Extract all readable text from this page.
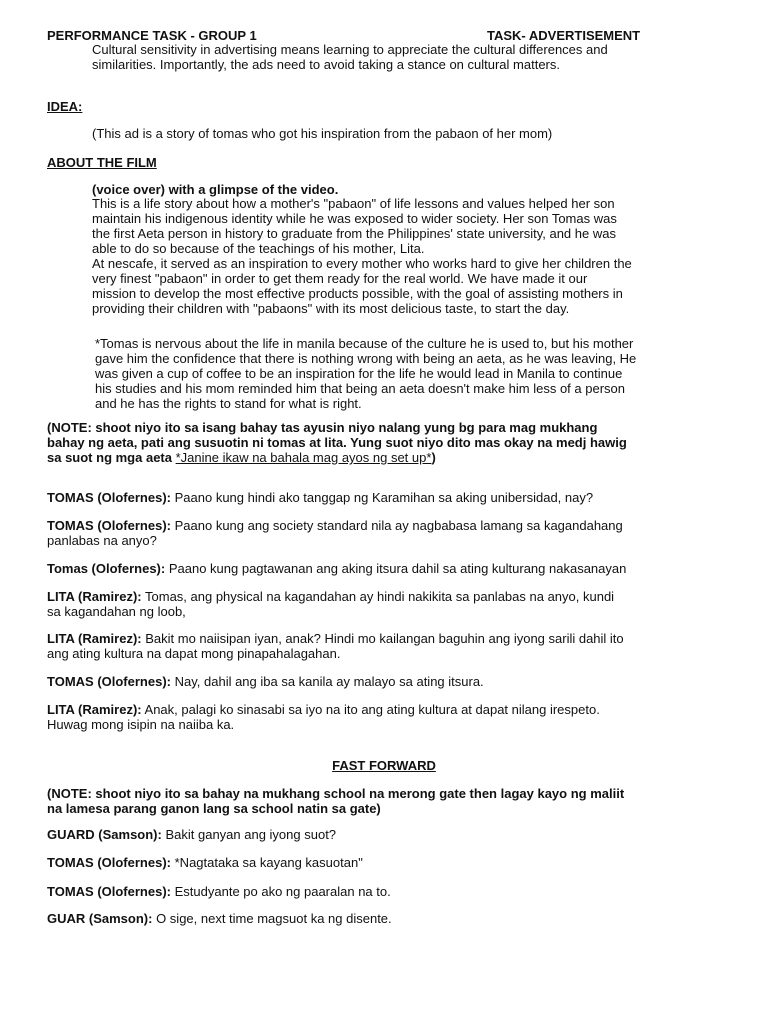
PERFORMANCE TASK - GROUP 1	TASK- ADVERTISEMENT
Cultural sensitivity in advertising means learning to appreciate the cultural differences and
similarities. Importantly, the ads need to avoid taking a stance on cultural matters.
IDEA:
(This ad is a story of tomas who got his inspiration from the pabaon of her mom)
ABOUT THE FILM
(voice over) with a glimpse of the video.
This is a life story about how a mother's "pabaon" of life lessons and values helped her son
maintain his indigenous identity while he was exposed to wider society. Her son Tomas was
the first Aeta person in history to graduate from the Philippines' state university, and he was
able to do so because of the teachings of his mother, Lita.
At nescafe, it served as an inspiration to every mother who works hard to give her children the
very finest "pabaon" in order to get them ready for the real world. We have made it our
mission to develop the most effective products possible, with the goal of assisting mothers in
providing their children with "pabaons" with its most delicious taste, to start the day.
*Tomas is nervous about the life in manila because of the culture he is used to, but his mother
gave him the confidence that there is nothing wrong with being an aeta, as he was leaving, He
was given a cup of coffee to be an inspiration for the life he would lead in Manila to continue
his studies and his mom reminded him that being an aeta doesn't make him less of a person
and he has the rights to stand for what is right.
(NOTE: shoot niyo ito sa isang bahay tas ayusin niyo nalang yung bg para mag mukhang
bahay ng aeta, pati ang susuotin ni tomas at lita. Yung suot niyo dito mas okay na medj hawig
sa suot ng mga aeta *Janine ikaw na bahala mag ayos ng set up*)
TOMAS (Olofernes): Paano kung hindi ako tanggap ng Karamihan sa aking unibersidad, nay?
TOMAS (Olofernes): Paano kung ang society standard nila ay nagbabasa lamang sa kagandahang
panlabas na anyo?
Tomas (Olofernes): Paano kung pagtawanan ang aking itsura dahil sa ating kulturang nakasanayan
LITA (Ramirez): Tomas, ang physical na kagandahan ay hindi nakikita sa panlabas na anyo, kundi
sa kagandahan ng loob,
LITA (Ramirez): Bakit mo naiisipan iyan, anak? Hindi mo kailangan baguhin ang iyong sarili dahil ito
ang ating kultura na dapat mong pinapahalagahan.
TOMAS (Olofernes): Nay, dahil ang iba sa kanila ay malayo sa ating itsura.
LITA (Ramirez): Anak, palagi ko sinasabi sa iyo na ito ang ating kultura at dapat nilang irespeto.
Huwag mong isipin na naiiba ka.
FAST FORWARD
(NOTE: shoot niyo ito sa bahay na mukhang school na merong gate then lagay kayo ng maliit
na lamesa parang ganon lang sa school natin sa gate)
GUARD (Samson): Bakit ganyan ang iyong suot?
TOMAS (Olofernes): *Nagtataka sa kayang kasuotan"
TOMAS (Olofernes): Estudyante po ako ng paaralan na to.
GUAR (Samson): O sige, next time magsuot ka ng disente.
